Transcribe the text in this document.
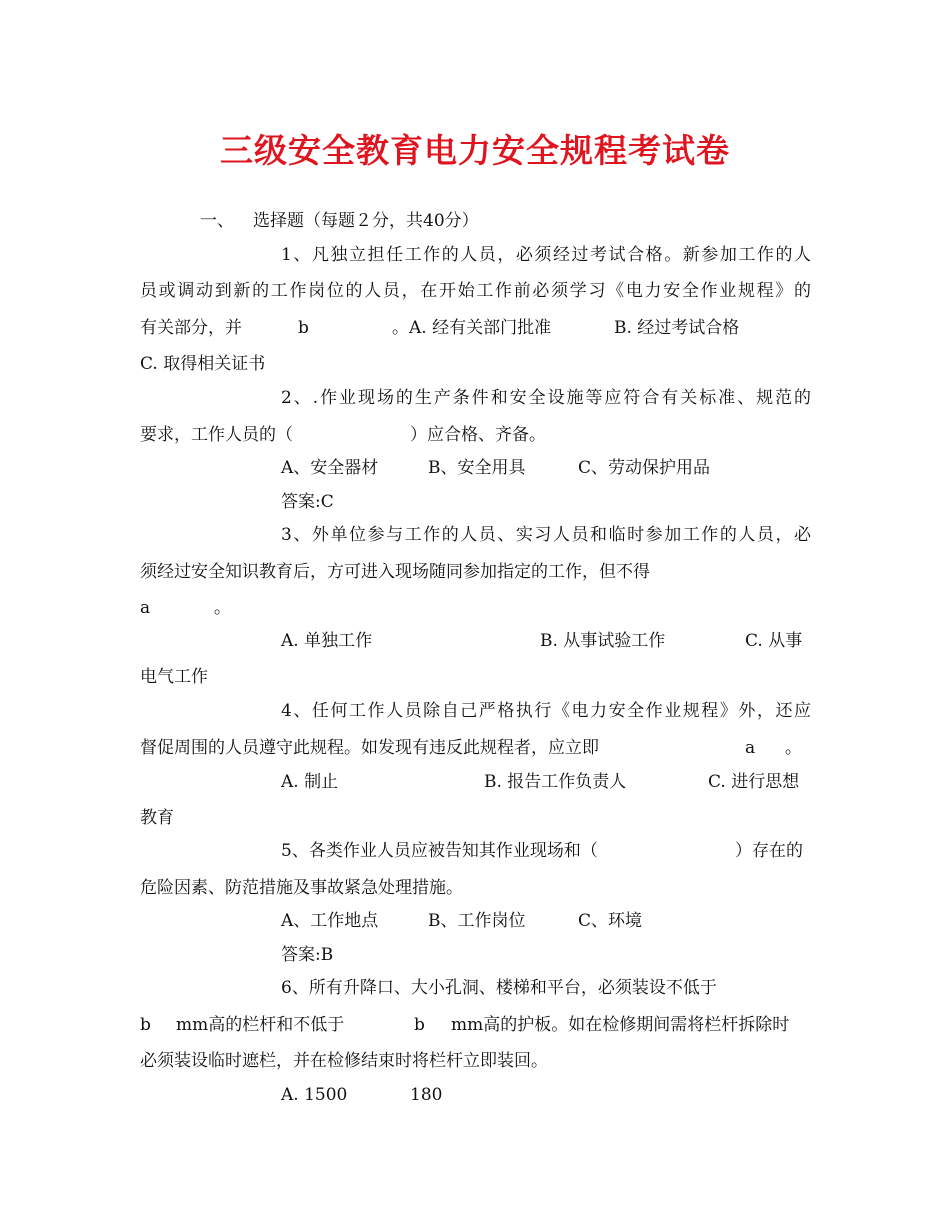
三级安全教育电力安全规程考试卷
一、 选择题（每题２分，共40分）
1、凡独立担任工作的人员，必须经过考试合格。新参加工作的人
员或调动到新的工作岗位的人员，在开始工作前必须学习《电力安全作业规程》的
有关部分，并	b	。A. 经有关部门批准	B. 经过考试合格
C. 取得相关证书
2、.作业现场的生产条件和安全设施等应符合有关标准、规范的
要求，工作人员的（	）应合格、齐备。
A、安全器材	B、安全用具	C、劳动保护用品
答案:C
3、外单位参与工作的人员、实习人员和临时参加工作的人员，必
须经过安全知识教育后，方可进入现场随同参加指定的工作，但不得
a	。
A. 单独工作	B. 从事试验工作	C. 从事
电气工作
4、任何工作人员除自己严格执行《电力安全作业规程》外，还应
督促周围的人员遵守此规程。如发现有违反此规程者，应立即	a 。
A. 制止	B. 报告工作负责人	C. 进行思想
教育
5、各类作业人员应被告知其作业现场和（	）存在的
危险因素、防范措施及事故紧急处理措施。
A、工作地点	B、工作岗位	C、环境
答案:B
6、所有升降口、大小孔洞、楼梯和平台，必须装设不低于
b mm高的栏杆和不低于	b mm高的护板。如在检修期间需将栏杆拆除时
必须装设临时遮栏，并在检修结束时将栏杆立即装回。
A. 1500	180
